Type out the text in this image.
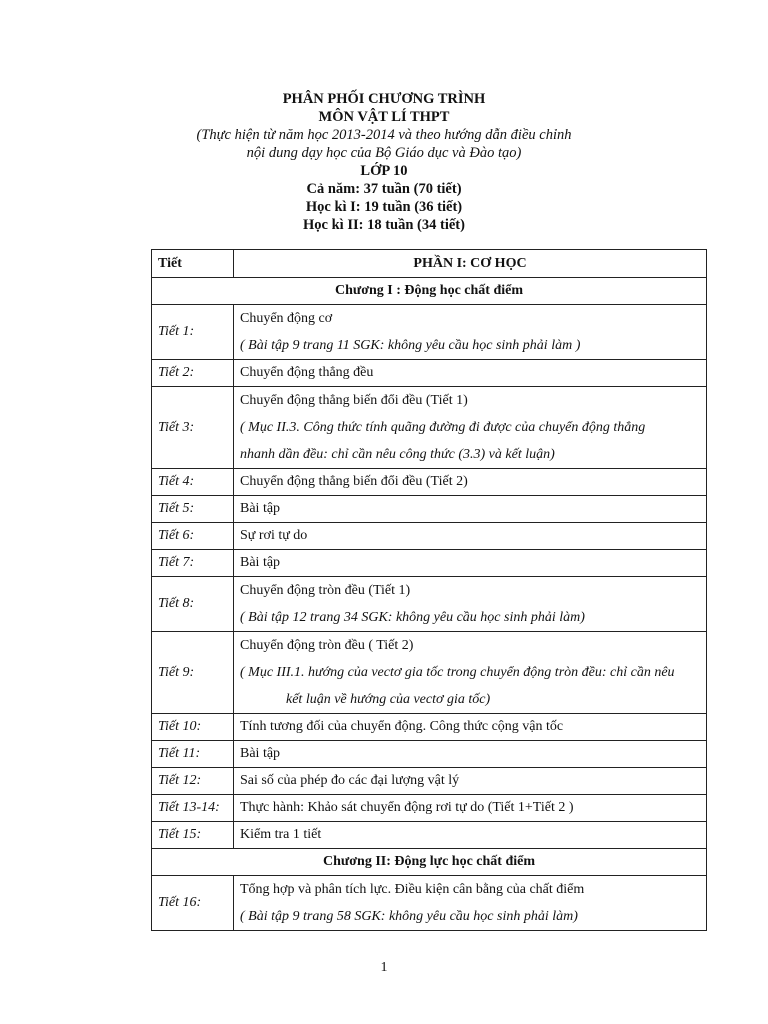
PHÂN PHỐI CHƯƠNG TRÌNH
MÔN VẬT LÍ THPT
(Thực hiện từ năm học 2013-2014 và theo hướng dẫn điều chỉnh
nội dung dạy học của Bộ Giáo dục và Đào tạo)
LỚP 10
Cả năm: 37 tuần (70 tiết)
Học kì I: 19 tuần (36 tiết)
Học kì II: 18 tuần (34 tiết)
Tiết	PHẦN I: CƠ HỌC
Chương I : Động học chất điểm	
Tiết 1:	Chuyển động cơ
( Bài tập 9 trang 11 SGK: không yêu cầu học sinh phải làm )

Tiết 2:	Chuyển động thẳng đều
Tiết 3:	Chuyển động thẳng biến đổi đều (Tiết 1)
( Mục II.3. Công thức tính quãng đường đi được của chuyển động thẳng
nhanh dần đều: chỉ cần nêu công thức (3.3) và kết luận)

Tiết 4:	Chuyển động thẳng biến đổi đều (Tiết 2)
Tiết 5:	Bài tập
Tiết 6:	Sự rơi tự do
Tiết 7:	Bài tập
Tiết 8:	Chuyển động tròn đều (Tiết 1)
( Bài tập 12 trang 34 SGK: không yêu cầu học sinh phải làm)

Tiết 9:	Chuyển động tròn đều ( Tiết 2)
( Mục III.1. hướng của vectơ gia tốc trong chuyển động tròn đều: chỉ cần nêu
kết luận về hướng của vectơ gia tốc)

Tiết 10:	Tính tương đối của chuyển động. Công thức cộng vận tốc
Tiết 11:	Bài tập
Tiết 12:	Sai số của phép đo các đại lượng vật lý
Tiết 13-14:	Thực hành: Khảo sát chuyển động rơi tự do (Tiết 1+Tiết 2 )
Tiết 15:	Kiểm tra 1 tiết
Chương II: Động lực học chất điểm	
Tiết 16:	Tổng hợp và phân tích lực. Điều kiện cân bằng của chất điểm
( Bài tập 9 trang 58 SGK: không yêu cầu học sinh phải làm)
1
